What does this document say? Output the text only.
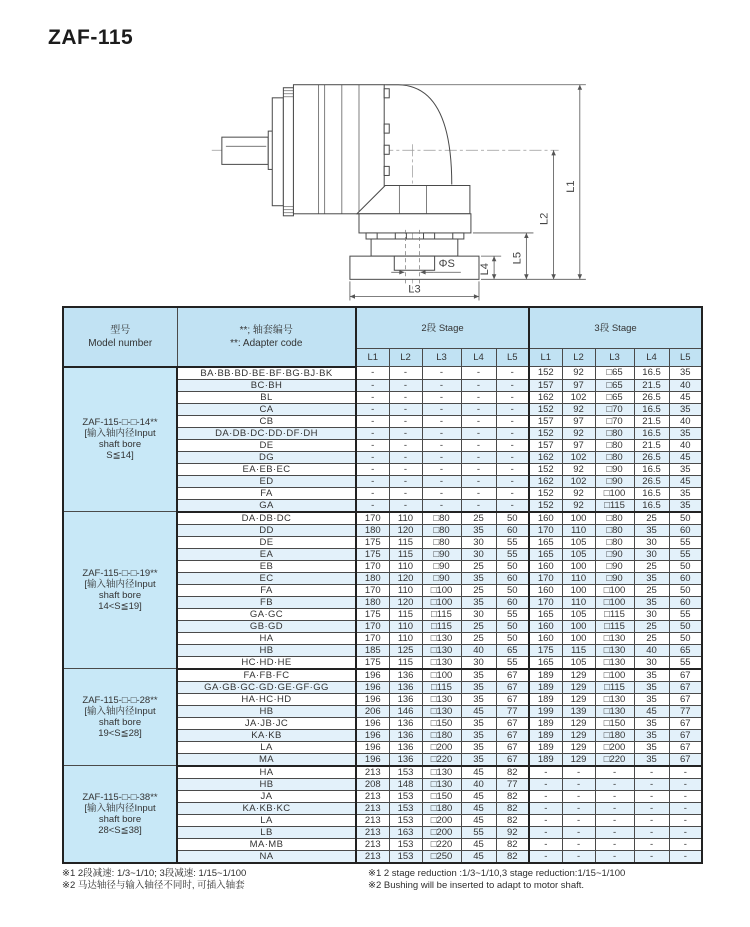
ZAF-115
L1
L2
L5
L4
L3
ΦS
型号
Model number

**; 轴套编号
**: Adapter code
	2段 Stage	3段 Stage
		L1	L2	L3	L4	L5	L1	L2	L3	L4	L5

ZAF-115-□-□-14**
[输入轴内径Input
shaft bore
S≦14]	BA·BB·BD·BE·BF·BG·BJ·BK	-	-	-	-	-	152	92	□65	16.5	35
	BC·BH	-	-	-	-	-	157	97	□65	21.5	40
	BL	-	-	-	-	-	162	102	□65	26.5	45
	CA	-	-	-	-	-	152	92	□70	16.5	35
	CB	-	-	-	-	-	157	97	□70	21.5	40
	DA·DB·DC·DD·DF·DH	-	-	-	-	-	152	92	□80	16.5	35
	DE	-	-	-	-	-	157	97	□80	21.5	40
	DG	-	-	-	-	-	162	102	□80	26.5	45
	EA·EB·EC	-	-	-	-	-	152	92	□90	16.5	35
	ED	-	-	-	-	-	162	102	□90	26.5	45
	FA	-	-	-	-	-	152	92	□100	16.5	35
	GA	-	-	-	-	-	152	92	□115	16.5	35

ZAF-115-□-□-19**
[输入轴内径Input
shaft bore
14<S≦19]	DA·DB·DC	170	110	□80	25	50	160	100	□80	25	50
	DD	180	120	□80	35	60	170	110	□80	35	60
	DE	175	115	□80	30	55	165	105	□80	30	55
	EA	175	115	□90	30	55	165	105	□90	30	55
	EB	170	110	□90	25	50	160	100	□90	25	50
	EC	180	120	□90	35	60	170	110	□90	35	60
	FA	170	110	□100	25	50	160	100	□100	25	50
	FB	180	120	□100	35	60	170	110	□100	35	60
	GA·GC	175	115	□115	30	55	165	105	□115	30	55
	GB·GD	170	110	□115	25	50	160	100	□115	25	50
	HA	170	110	□130	25	50	160	100	□130	25	50
	HB	185	125	□130	40	65	175	115	□130	40	65
	HC·HD·HE	175	115	□130	30	55	165	105	□130	30	55

ZAF-115-□-□-28**
[输入轴内径Input
shaft bore
19<S≦28]	FA·FB·FC	196	136	□100	35	67	189	129	□100	35	67
	GA·GB·GC·GD·GE·GF·GG	196	136	□115	35	67	189	129	□115	35	67
	HA·HC·HD	196	136	□130	35	67	189	129	□130	35	67
	HB	206	146	□130	45	77	199	139	□130	45	77
	JA·JB·JC	196	136	□150	35	67	189	129	□150	35	67
	KA·KB	196	136	□180	35	67	189	129	□180	35	67
	LA	196	136	□200	35	67	189	129	□200	35	67
	MA	196	136	□220	35	67	189	129	□220	35	67

ZAF-115-□-□-38**
[输入轴内径Input
shaft bore
28<S≦38]	HA	213	153	□130	45	82	-	-	-	-	-
	HB	208	148	□130	40	77	-	-	-	-	-
	JA	213	153	□150	45	82	-	-	-	-	-
	KA·KB·KC	213	153	□180	45	82	-	-	-	-	-
	LA	213	153	□200	45	82	-	-	-	-	-
	LB	213	163	□200	55	92	-	-	-	-	-
	MA·MB	213	153	□220	45	82	-	-	-	-	-
	NA	213	153	□250	45	82	-	-	-	-	-
※1 2段减速: 1/3~1/10; 3段减速: 1/15~1/100
※2 马达轴径与输入轴径不同时, 可插入轴套
※1 2 stage reduction :1/3~1/10,3 stage reduction:1/15~1/100
※2 Bushing will be inserted to adapt to motor shaft.
